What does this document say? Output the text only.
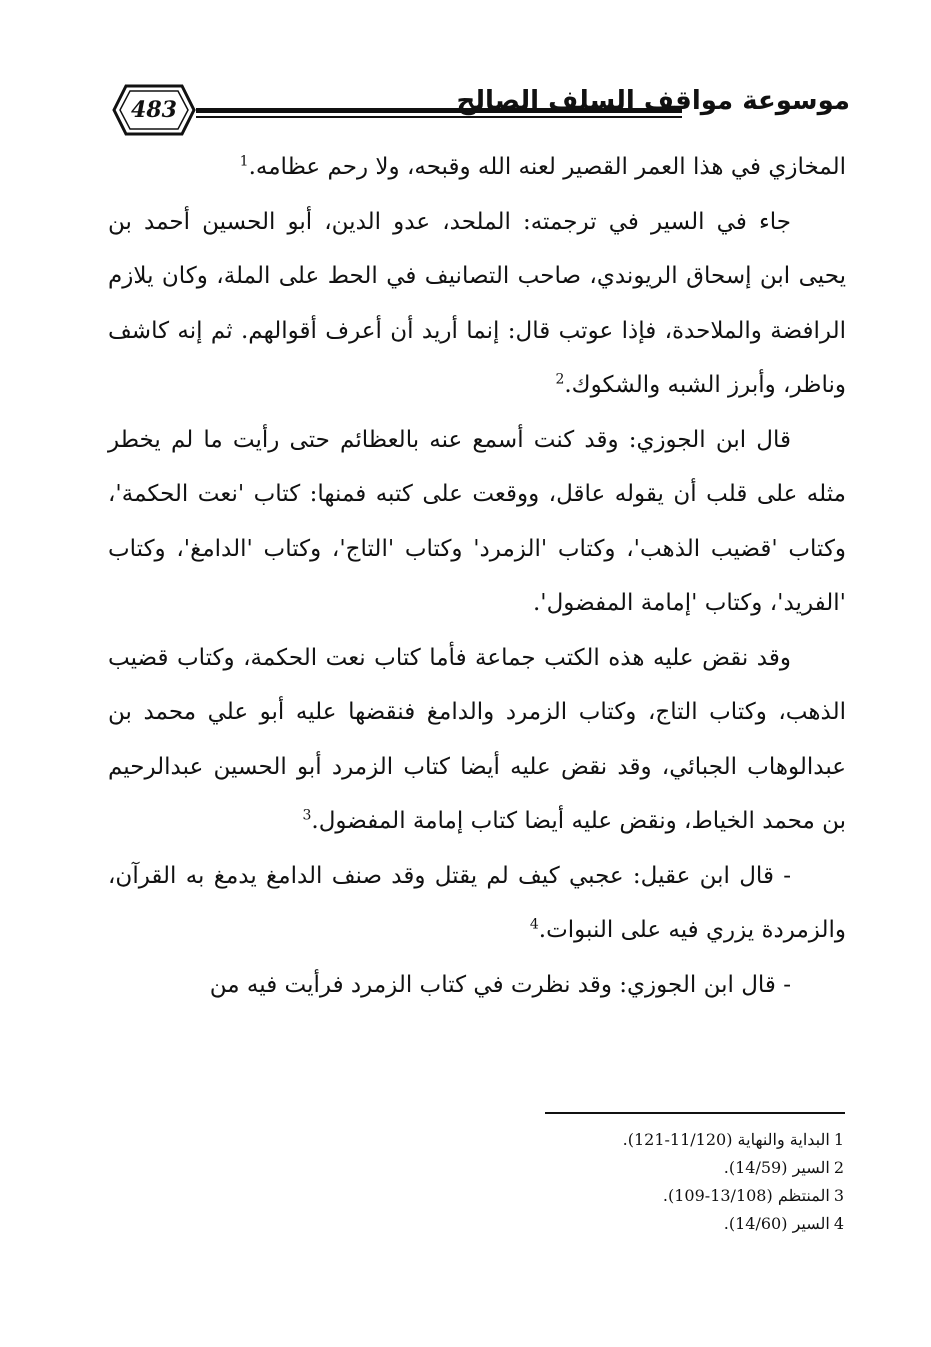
483	موسوعة مواقف السلف الصالح

المخازي في هذا العمر القصير لعنه الله وقبحه، ولا رحم عظامه.$^1$

جاء في السير في ترجمته: الملحد، عدو الدين، أبو الحسين أحمد بن يحيى ابن إسحاق الريوندي، صاحب التصانيف في الحط على الملة، وكان يلازم الرافضة والملاحدة، فإذا عوتب قال: إنما أريد أن أعرف أقوالهم. ثم إنه كاشف وناظر، وأبرز الشبه والشكوك.$^2$

قال ابن الجوزي: وقد كنت أسمع عنه بالعظائم حتى رأيت ما لم يخطر مثله على قلب أن يقوله عاقل، ووقعت على كتبه فمنها: كتاب 'نعت الحكمة'، وكتاب 'قضيب الذهب'، وكتاب 'الزمرد' وكتاب 'التاج'، وكتاب 'الدامغ'، وكتاب 'الفريد'، وكتاب 'إمامة المفضول'.

وقد نقض عليه هذه الكتب جماعة فأما كتاب نعت الحكمة، وكتاب قضيب الذهب، وكتاب التاج، وكتاب الزمرد والدامغ فنقضها عليه أبو علي محمد بن عبدالوهاب الجبائي، وقد نقض عليه أيضا كتاب الزمرد أبو الحسين عبدالرحيم بن محمد الخياط، ونقض عليه أيضا كتاب إمامة المفضول.$^3$

- قال ابن عقيل: عجبي كيف لم يقتل وقد صنف الدامغ يدمغ به القرآن، والزمردة يزري فيه على النبوات.$^4$

- قال ابن الجوزي: وقد نظرت في كتاب الزمرد فرأيت فيه من

1البداية والنهاية (11/120-121).
2السير (14/59).
3المنتظم (13/108-109).
4السير (14/60).
